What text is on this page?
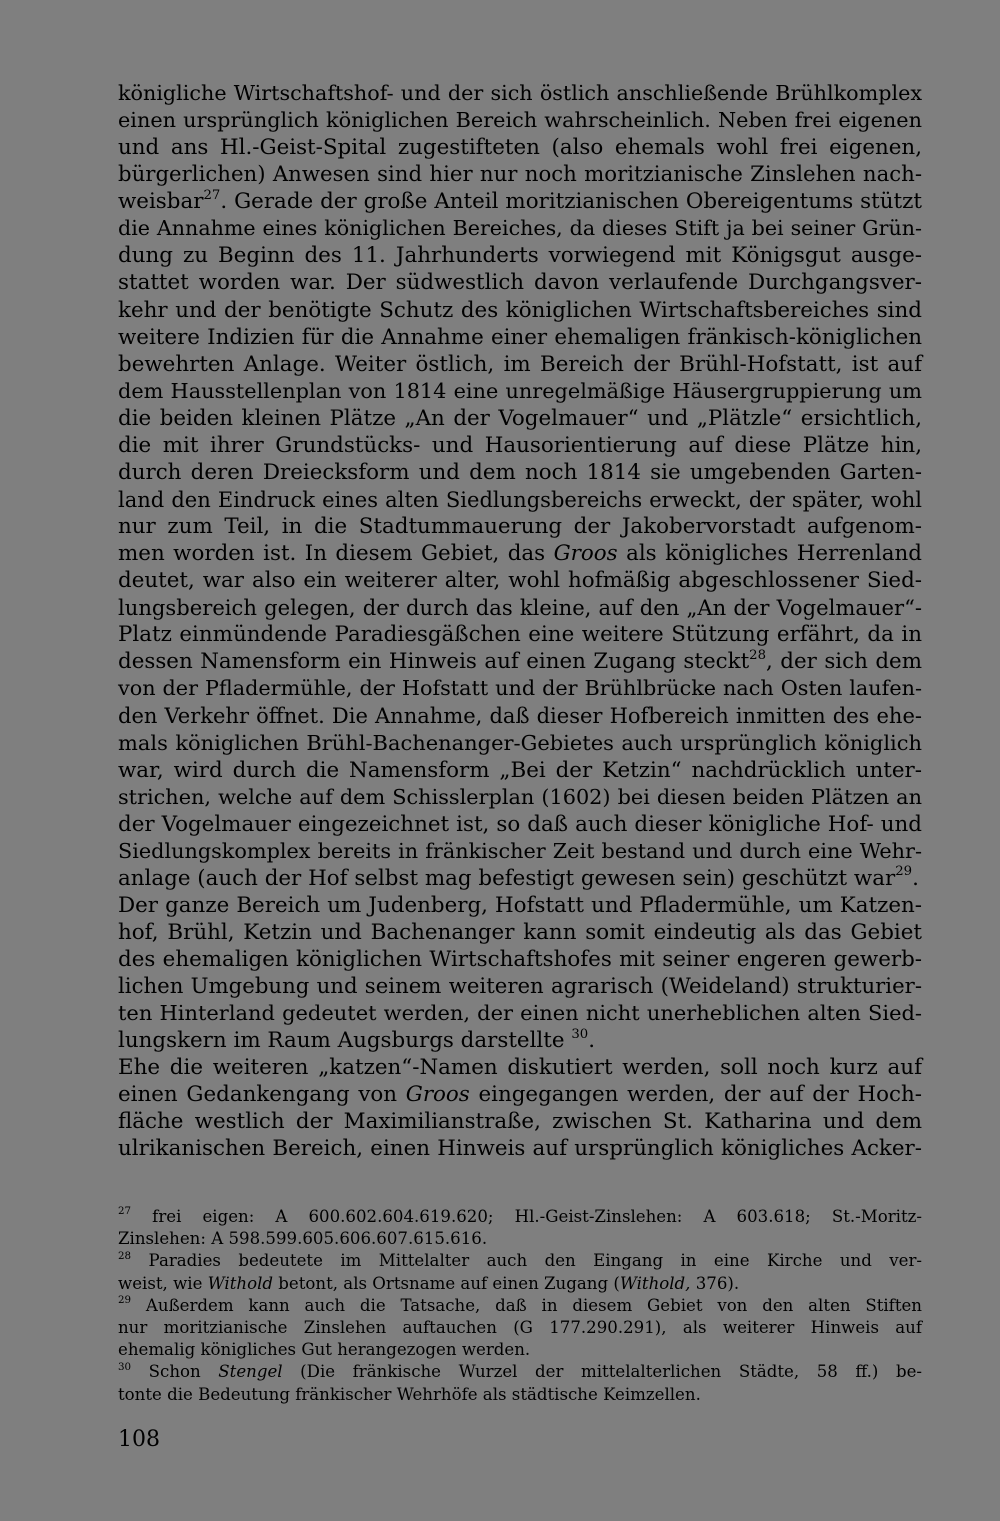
königliche Wirtschaftshof- und der sich östlich anschließende Brühlkomplex
einen ursprünglich königlichen Bereich wahrscheinlich. Neben frei eigenen
und ans Hl.-Geist-Spital zugestifteten (also ehemals wohl frei eigenen,
bürgerlichen) Anwesen sind hier nur noch moritzianische Zinslehen nach-
weisbar$^{27}$. Gerade der große Anteil moritzianischen Obereigentums stützt
die Annahme eines königlichen Bereiches, da dieses Stift ja bei seiner Grün-
dung zu Beginn des 11. Jahrhunderts vorwiegend mit Königsgut ausge-
stattet worden war. Der südwestlich davon verlaufende Durchgangsver-
kehr und der benötigte Schutz des königlichen Wirtschaftsbereiches sind
weitere Indizien für die Annahme einer ehemaligen fränkisch-königlichen
bewehrten Anlage. Weiter östlich, im Bereich der Brühl-Hofstatt, ist auf
dem Hausstellenplan von 1814 eine unregelmäßige Häusergruppierung um
die beiden kleinen Plätze „An der Vogelmauer“ und „Plätzle“ ersichtlich,
die mit ihrer Grundstücks- und Hausorientierung auf diese Plätze hin,
durch deren Dreiecksform und dem noch 1814 sie umgebenden Garten-
land den Eindruck eines alten Siedlungsbereichs erweckt, der später, wohl
nur zum Teil, in die Stadtummauerung der Jakobervorstadt aufgenom-
men worden ist. In diesem Gebiet, das Groos als königliches Herrenland
deutet, war also ein weiterer alter, wohl hofmäßig abgeschlossener Sied-
lungsbereich gelegen, der durch das kleine, auf den „An der Vogelmauer“-
Platz einmündende Paradiesgäßchen eine weitere Stützung erfährt, da in
dessen Namensform ein Hinweis auf einen Zugang steckt$^{28}$, der sich dem
von der Pfladermühle, der Hofstatt und der Brühlbrücke nach Osten laufen-
den Verkehr öffnet. Die Annahme, daß dieser Hofbereich inmitten des ehe-
mals königlichen Brühl-Bachenanger-Gebietes auch ursprünglich königlich
war, wird durch die Namensform „Bei der Ketzin“ nachdrücklich unter-
strichen, welche auf dem Schisslerplan (1602) bei diesen beiden Plätzen an
der Vogelmauer eingezeichnet ist, so daß auch dieser königliche Hof- und
Siedlungskomplex bereits in fränkischer Zeit bestand und durch eine Wehr-
anlage (auch der Hof selbst mag befestigt gewesen sein) geschützt war$^{29}$.
Der ganze Bereich um Judenberg, Hofstatt und Pfladermühle, um Katzen-
hof, Brühl, Ketzin und Bachenanger kann somit eindeutig als das Gebiet
des ehemaligen königlichen Wirtschaftshofes mit seiner engeren gewerb-
lichen Umgebung und seinem weiteren agrarisch (Weideland) strukturier-
ten Hinterland gedeutet werden, der einen nicht unerheblichen alten Sied-
lungskern im Raum Augsburgs darstellte $^{30}$.
Ehe die weiteren „katzen“-Namen diskutiert werden, soll noch kurz auf
einen Gedankengang von Groos eingegangen werden, der auf der Hoch-
fläche westlich der Maximilianstraße, zwischen St. Katharina und dem
ulrikanischen Bereich, einen Hinweis auf ursprünglich königliches Acker-
$^{27}$ frei eigen: A 600.602.604.619.620; Hl.-Geist-Zinslehen: A 603.618; St.-Moritz-
Zinslehen: A 598.599.605.606.607.615.616.
$^{28}$ Paradies bedeutete im Mittelalter auch den Eingang in eine Kirche und ver-
weist, wie Withold betont, als Ortsname auf einen Zugang (Withold, 376).
$^{29}$ Außerdem kann auch die Tatsache, daß in diesem Gebiet von den alten Stiften
nur moritzianische Zinslehen auftauchen (G 177.290.291), als weiterer Hinweis auf
ehemalig königliches Gut herangezogen werden.
$^{30}$ Schon Stengel (Die fränkische Wurzel der mittelalterlichen Städte, 58 ff.) be-
tonte die Bedeutung fränkischer Wehrhöfe als städtische Keimzellen.
108
